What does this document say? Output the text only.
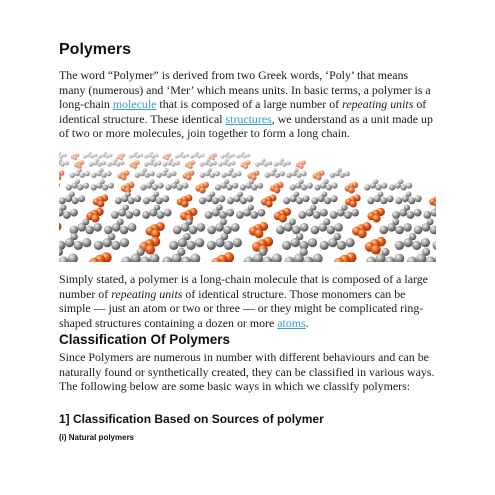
Polymers

The word “Polymer” is derived from two Greek words, ‘Poly’ that means many (numerous) and ‘Mer’ which means units. In basic terms, a polymer is a long-chain molecule that is composed of a large number of repeating units of identical structure. These identical structures, we understand as a unit made up of two or more molecules, join together to form a long chain.

Simply stated, a polymer is a long-chain molecule that is composed of a large number of repeating units of identical structure. Those monomers can be simple — just an atom or two or three — or they might be complicated ring-shaped structures containing a dozen or more atoms.

Classification Of Polymers

Since Polymers are numerous in number with different behaviours and can be naturally found or synthetically created, they can be classified in various ways. The following below are some basic ways in which we classify polymers:

1] Classification Based on Sources of polymer
(i) Natural polymers
